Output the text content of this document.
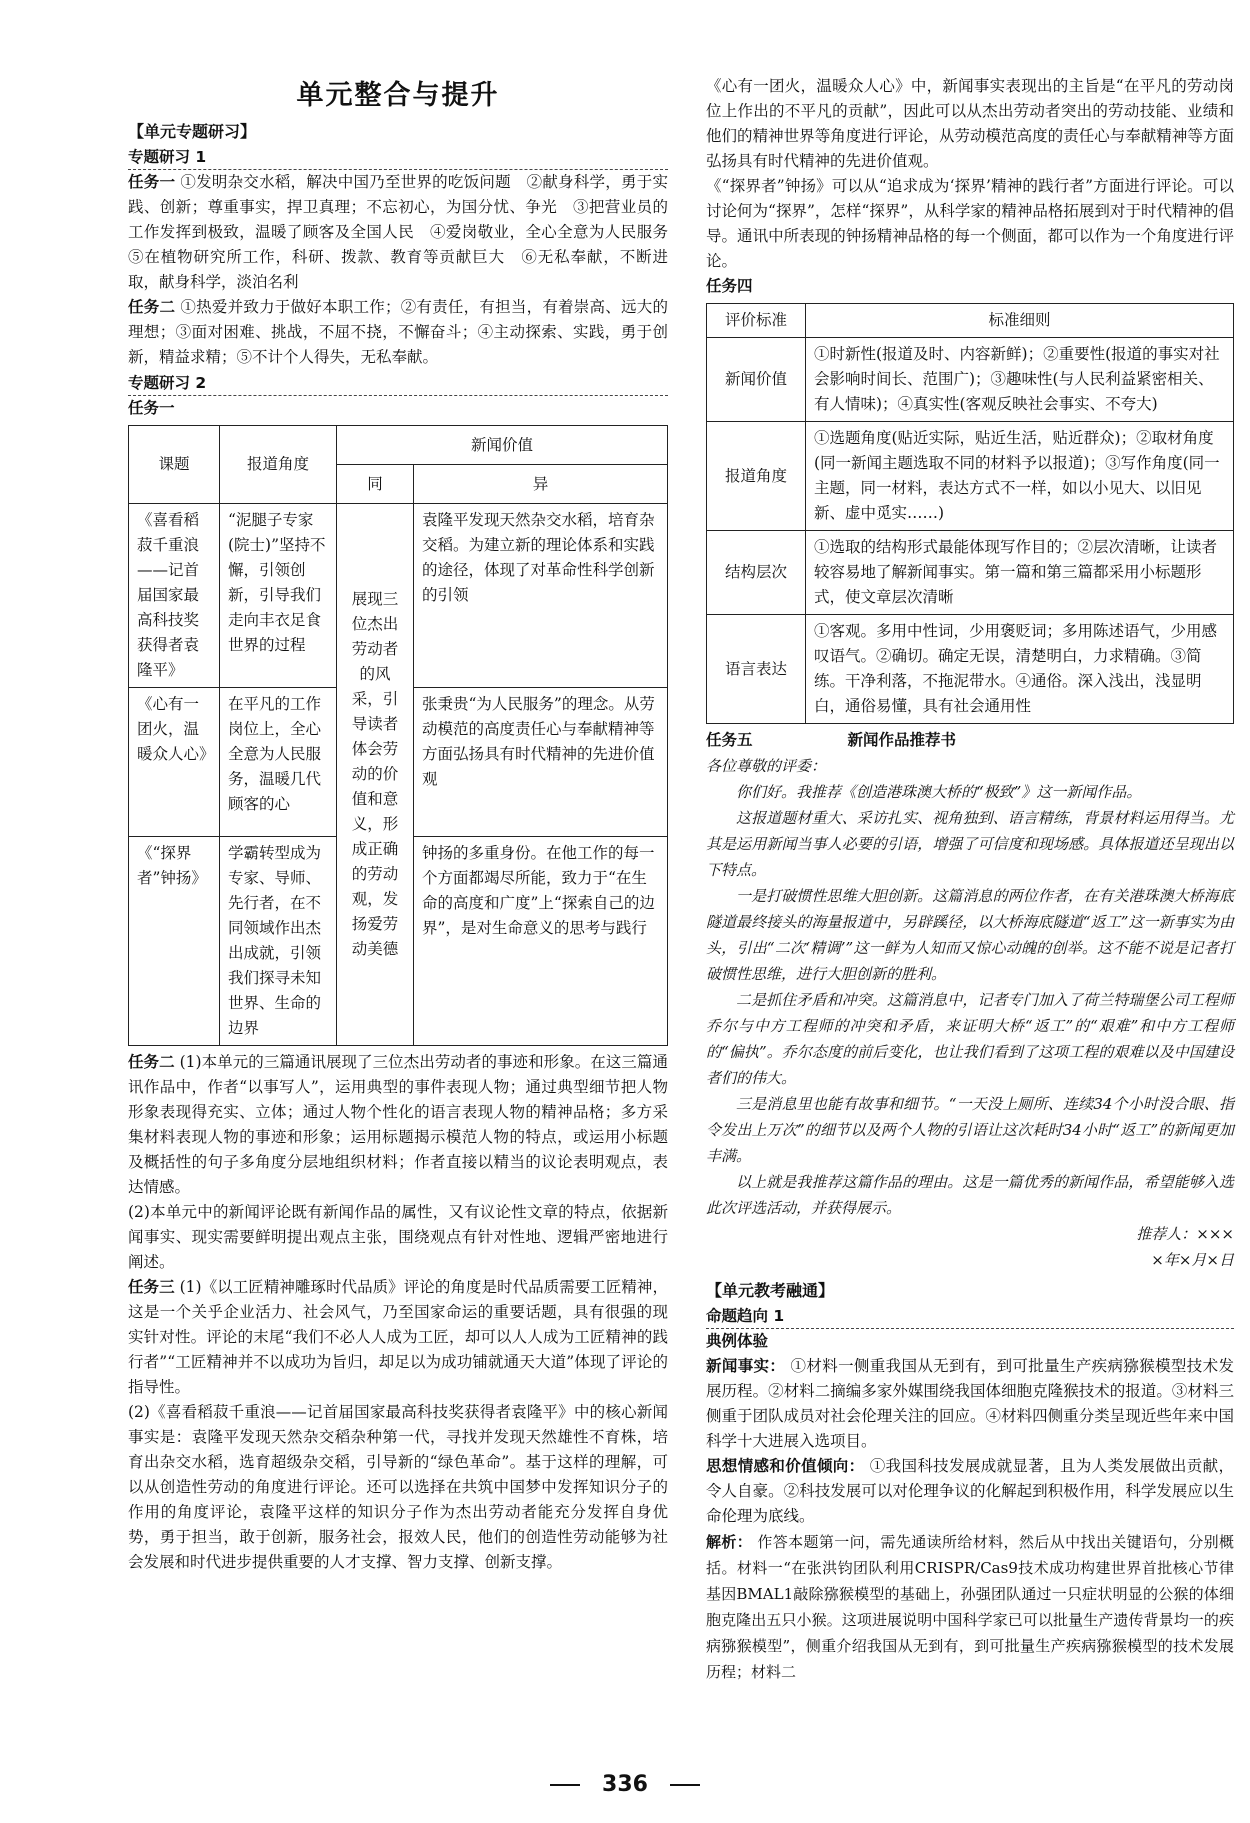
单元整合与提升
【单元专题研习】
专题研习 1
任务一 ①发明杂交水稻，解决中国乃至世界的吃饭问题　②献身科学，勇于实践、创新；尊重事实，捍卫真理；不忘初心，为国分忧、争光　③把营业员的工作发挥到极致，温暖了顾客及全国人民　④爱岗敬业，全心全意为人民服务　⑤在植物研究所工作，科研、拨款、教育等贡献巨大　⑥无私奉献，不断进取，献身科学，淡泊名利
任务二 ①热爱并致力于做好本职工作；②有责任，有担当，有着崇高、远大的理想；③面对困难、挑战，不屈不挠，不懈奋斗；④主动探索、实践，勇于创新，精益求精；⑤不计个人得失，无私奉献。
专题研习 2
任务一
课题	报道角度	新闻价值	
		同	异
《喜看稻菽千重浪——记首届国家最高科技奖获得者袁隆平》	“泥腿子专家(院士)”坚持不懈，引领创新，引导我们走向丰衣足食世界的过程	展现三位杰出劳动者的风采，引导读者体会劳动的价值和意义，形成正确的劳动观，发扬爱劳动美德	袁隆平发现天然杂交水稻，培育杂交稻。为建立新的理论体系和实践的途径，体现了对革命性科学创新的引领
《心有一团火，温暖众人心》	在平凡的工作岗位上，全心全意为人民服务，温暖几代顾客的心		张秉贵“为人民服务”的理念。从劳动模范的高度责任心与奉献精神等方面弘扬具有时代精神的先进价值观
《“探界者”钟扬》	学霸转型成为专家、导师、先行者，在不同领域作出杰出成就，引领我们探寻未知世界、生命的边界		钟扬的多重身份。在他工作的每一个方面都竭尽所能，致力于“在生命的高度和广度”上“探索自己的边界”，是对生命意义的思考与践行
任务二 (1)本单元的三篇通讯展现了三位杰出劳动者的事迹和形象。在这三篇通讯作品中，作者“以事写人”，运用典型的事件表现人物；通过典型细节把人物形象表现得充实、立体；通过人物个性化的语言表现人物的精神品格；多方采集材料表现人物的事迹和形象；运用标题揭示模范人物的特点，或运用小标题及概括性的句子多角度分层地组织材料；作者直接以精当的议论表明观点，表达情感。
(2)本单元中的新闻评论既有新闻作品的属性，又有议论性文章的特点，依据新闻事实、现实需要鲜明提出观点主张，围绕观点有针对性地、逻辑严密地进行阐述。
任务三 (1)《以工匠精神雕琢时代品质》评论的角度是时代品质需要工匠精神，这是一个关乎企业活力、社会风气，乃至国家命运的重要话题，具有很强的现实针对性。评论的末尾“我们不必人人成为工匠，却可以人人成为工匠精神的践行者”“工匠精神并不以成功为旨归，却足以为成功铺就通天大道”体现了评论的指导性。
(2)《喜看稻菽千重浪——记首届国家最高科技奖获得者袁隆平》中的核心新闻事实是：袁隆平发现天然杂交稻杂种第一代，寻找并发现天然雄性不育株，培育出杂交水稻，选育超级杂交稻，引导新的“绿色革命”。基于这样的理解，可以从创造性劳动的角度进行评论。还可以选择在共筑中国梦中发挥知识分子的作用的角度评论，袁隆平这样的知识分子作为杰出劳动者能充分发挥自身优势，勇于担当，敢于创新，服务社会，报效人民，他们的创造性劳动能够为社会发展和时代进步提供重要的人才支撑、智力支撑、创新支撑。
《心有一团火，温暖众人心》中，新闻事实表现出的主旨是“在平凡的劳动岗位上作出的不平凡的贡献”，因此可以从杰出劳动者突出的劳动技能、业绩和他们的精神世界等角度进行评论，从劳动模范高度的责任心与奉献精神等方面弘扬具有时代精神的先进价值观。
《“探界者”钟扬》可以从“追求成为‘探界’精神的践行者”方面进行评论。可以讨论何为“探界”，怎样“探界”，从科学家的精神品格拓展到对于时代精神的倡导。通讯中所表现的钟扬精神品格的每一个侧面，都可以作为一个角度进行评论。
任务四
评价标准	标准细则
新闻价值	①时新性(报道及时、内容新鲜)；②重要性(报道的事实对社会影响时间长、范围广)；③趣味性(与人民利益紧密相关、有人情味)；④真实性(客观反映社会事实、不夸大)
报道角度	①选题角度(贴近实际，贴近生活，贴近群众)；②取材角度(同一新闻主题选取不同的材料予以报道)；③写作角度(同一主题，同一材料，表达方式不一样，如以小见大、以旧见新、虚中觅实……)
结构层次	①选取的结构形式最能体现写作目的；②层次清晰，让读者较容易地了解新闻事实。第一篇和第三篇都采用小标题形式，使文章层次清晰
语言表达	①客观。多用中性词，少用褒贬词；多用陈述语气，少用感叹语气。②确切。确定无误，清楚明白，力求精确。③简练。干净利落，不拖泥带水。④通俗。深入浅出，浅显明白，通俗易懂，具有社会通用性
任务五	新闻作品推荐书
各位尊敬的评委：
你们好。我推荐《创造港珠澳大桥的“极致”》这一新闻作品。
这报道题材重大、采访扎实、视角独到、语言精练，背景材料运用得当。尤其是运用新闻当事人必要的引语，增强了可信度和现场感。具体报道还呈现出以下特点。
一是打破惯性思维大胆创新。这篇消息的两位作者，在有关港珠澳大桥海底隧道最终接头的海量报道中，另辟蹊径，以大桥海底隧道“返工”这一新事实为由头，引出“二次‘精调’”这一鲜为人知而又惊心动魄的创举。这不能不说是记者打破惯性思维，进行大胆创新的胜利。
二是抓住矛盾和冲突。这篇消息中，记者专门加入了荷兰特瑞堡公司工程师乔尔与中方工程师的冲突和矛盾，来证明大桥“返工”的“艰难”和中方工程师的“偏执”。乔尔态度的前后变化，也让我们看到了这项工程的艰难以及中国建设者们的伟大。
三是消息里也能有故事和细节。“一天没上厕所、连续34个小时没合眼、指令发出上万次”的细节以及两个人物的引语让这次耗时34小时“返工”的新闻更加丰满。
以上就是我推荐这篇作品的理由。这是一篇优秀的新闻作品，希望能够入选此次评选活动，并获得展示。
推荐人：×××
×年×月×日
【单元教考融通】
命题趋向 1
典例体验
新闻事实： ①材料一侧重我国从无到有，到可批量生产疾病猕猴模型技术发展历程。②材料二摘编多家外媒围绕我国体细胞克隆猴技术的报道。③材料三侧重于团队成员对社会伦理关注的回应。④材料四侧重分类呈现近些年来中国科学十大进展入选项目。
思想情感和价值倾向： ①我国科技发展成就显著，且为人类发展做出贡献，令人自豪。②科技发展可以对伦理争议的化解起到积极作用，科学发展应以生命伦理为底线。
解析： 作答本题第一问，需先通读所给材料，然后从中找出关键语句，分别概括。材料一“在张洪钧团队利用CRISPR/Cas9技术成功构建世界首批核心节律基因BMAL1敲除猕猴模型的基础上，孙强团队通过一只症状明显的公猴的体细胞克隆出五只小猴。这项进展说明中国科学家已可以批量生产遗传背景均一的疾病猕猴模型”，侧重介绍我国从无到有，到可批量生产疾病猕猴模型的技术发展历程；材料二
336
